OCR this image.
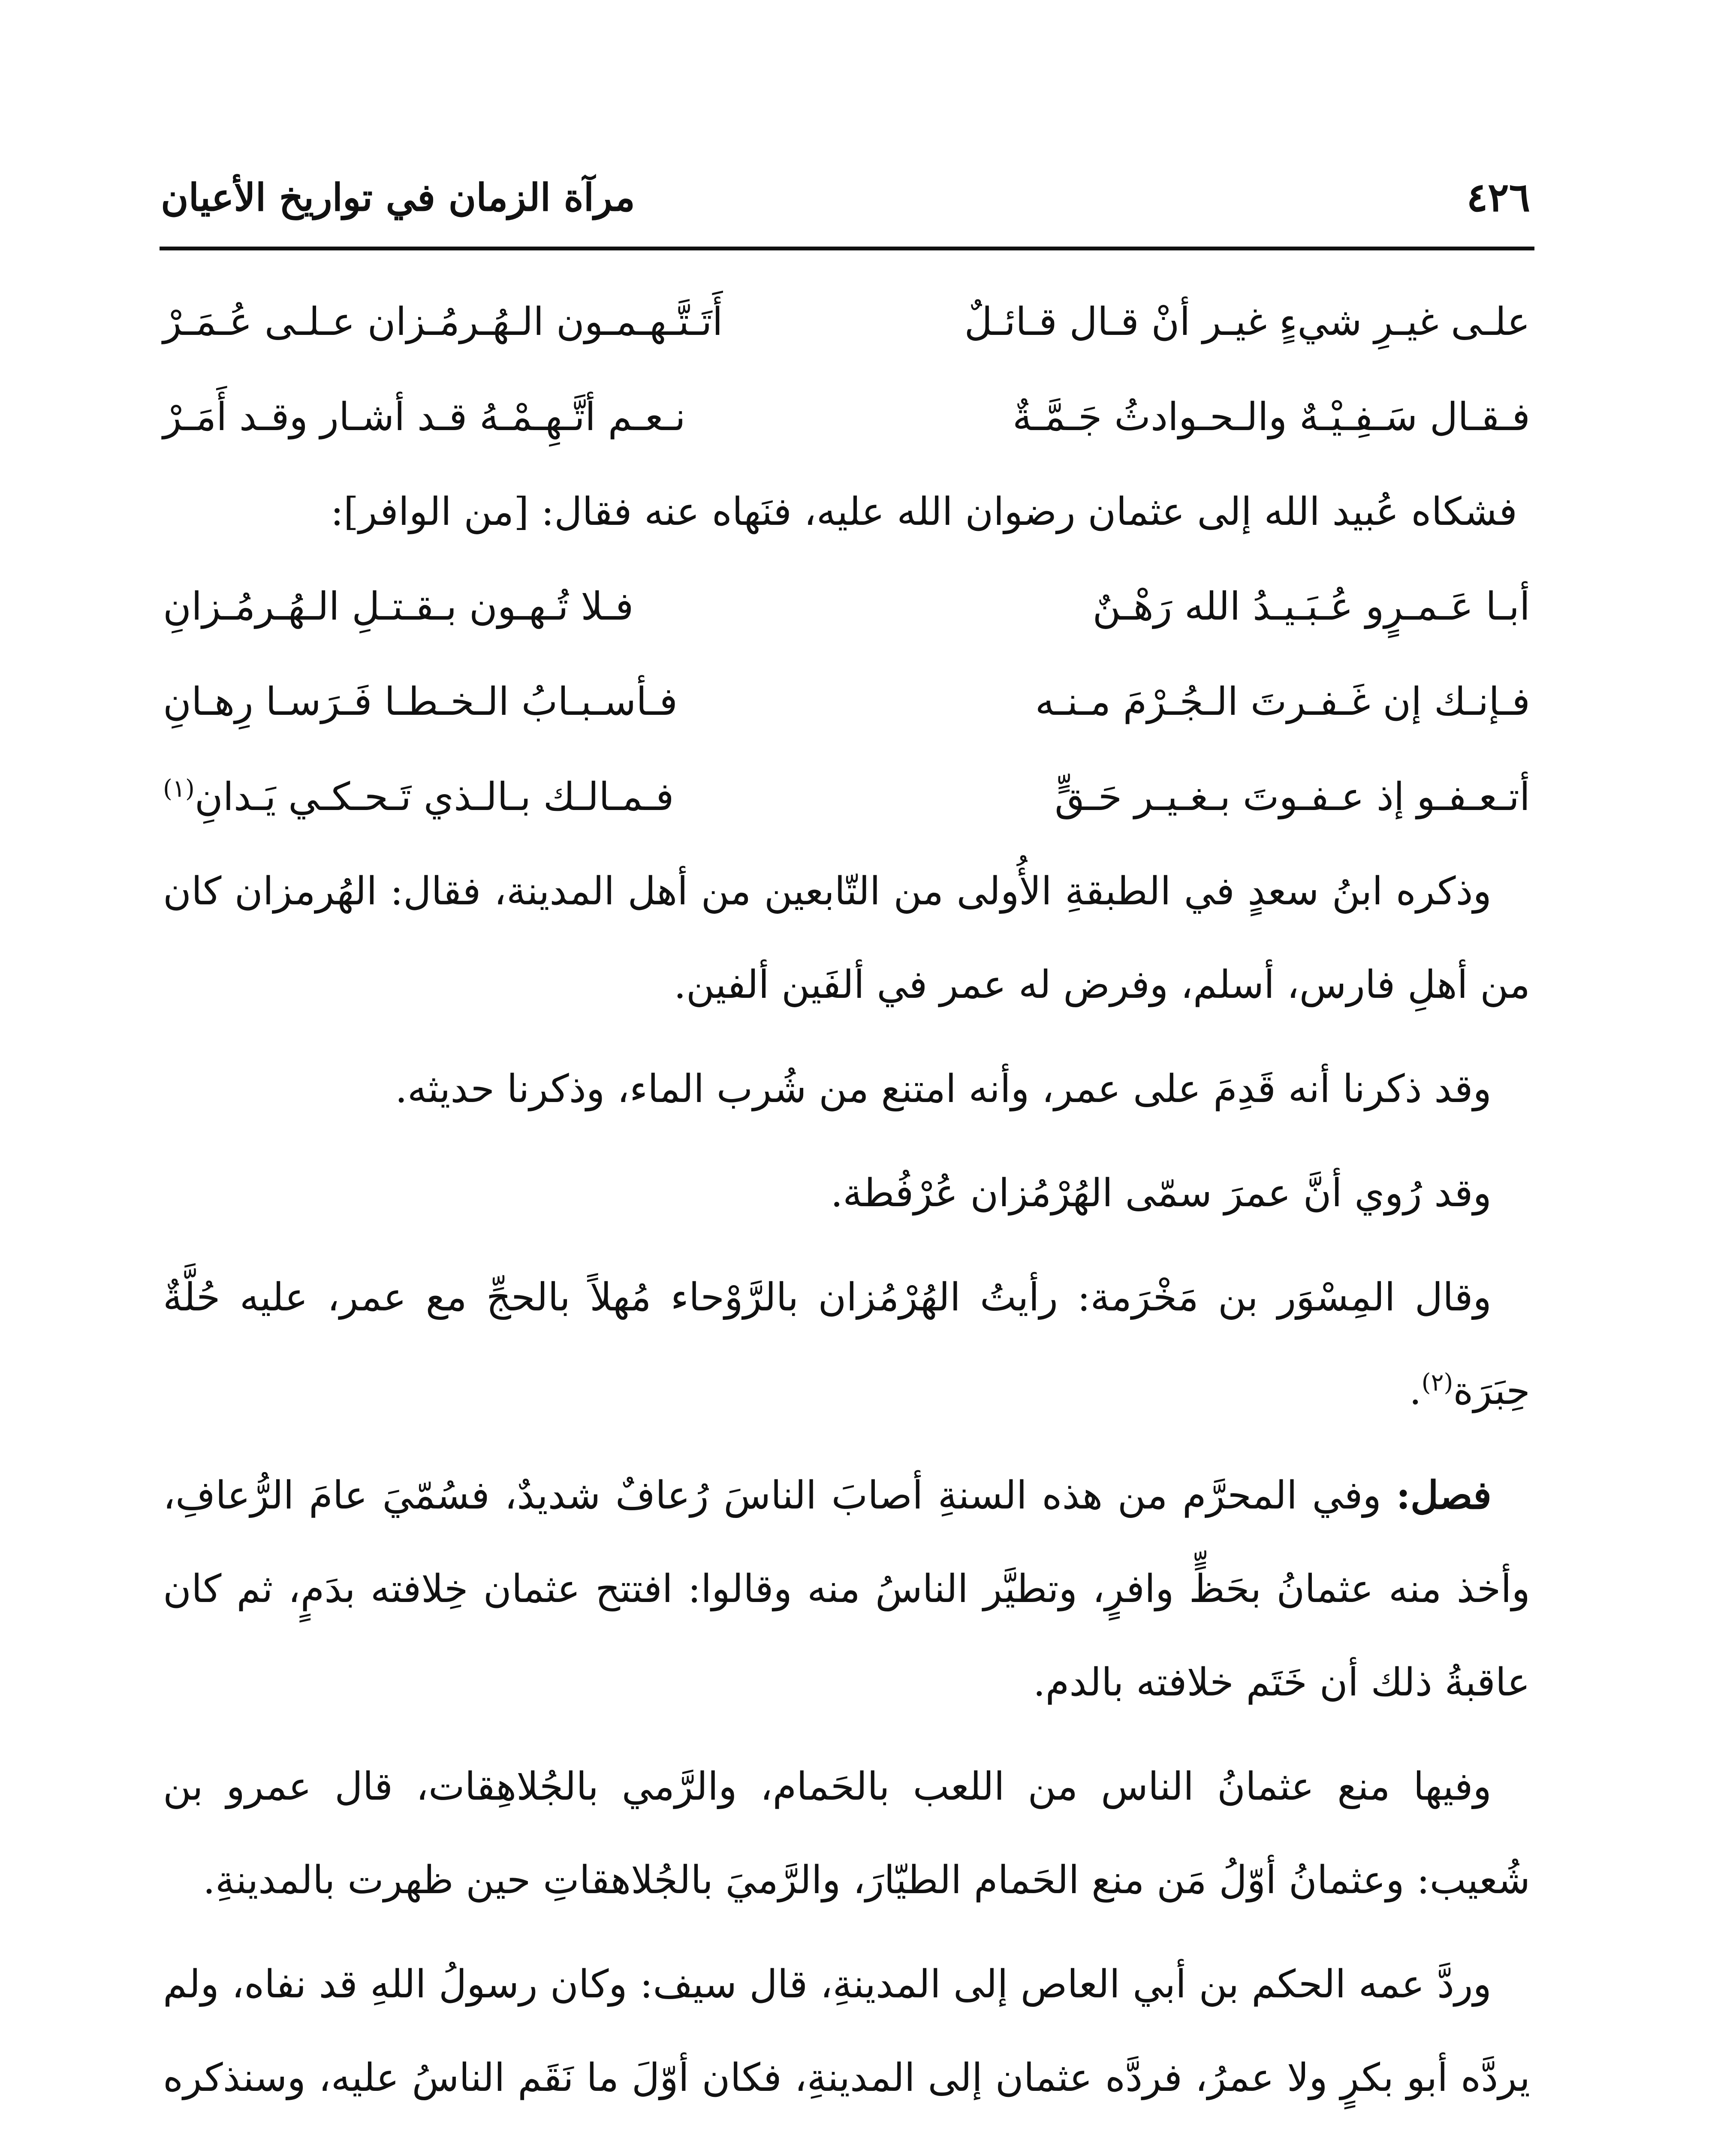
٤٢٦
مرآة الزمان في تواريخ الأعيان
علـى غيـرِ شيءٍ غيـر أنْ قـال قـائـلٌ
أَتَـتَّـهـمـون الـهُـرمُـزان عـلـى عُـمَـرْ
فـقـال سَـفِـيْـهٌ والـحـوادثُ جَـمَّـةٌ
نـعـم أتَّـهِـمْـهُ قـد أشـار وقـد أَمَـرْ
فشكاه عُبيد الله إلى عثمان رضوان الله عليه، فنَهاه عنه فقال: [من الوافر]:
أبـا عَـمـرٍو عُـبَـيـدُ الله رَهْـنٌ
فـلا تُـهـون بـقـتـلِ الـهُـرمُـزانِ
فـإنـك إن غَـفـرتَ الـجُـرْمَ مـنـه
فـأسـبـابُ الـخـطـا فَـرَسـا رِهـانِ
أتـعـفـو إذ عـفـوتَ بـغـيـر حَـقٍّ
فـمـالـك بـالـذي تَـحـكـي يَـدانِ$^{(١)}$

وذكره ابنُ سعدٍ في الطبقةِ الأُولى من التّابعين من أهل المدينة، فقال: الهُرمزان كان من أهلِ فارس، أسلم، وفرض له عمر في ألفَين ألفين.

وقد ذكرنا أنه قَدِمَ على عمر، وأنه امتنع من شُرب الماء، وذكرنا حديثه.

وقد رُوي أنَّ عمرَ سمّى الهُرْمُزان عُرْفُطة.

وقال المِسْوَر بن مَخْرَمة: رأيتُ الهُرْمُزان بالرَّوْحاء مُهلاً بالحجِّ مع عمر، عليه حُلَّةٌ حِبَرَة$^{(٢)}$.

فصل: وفي المحرَّم من هذه السنةِ أصابَ الناسَ رُعافٌ شديدٌ، فسُمّيَ عامَ الرُّعافِ، وأخذ منه عثمانُ بحَظٍّ وافرٍ، وتطيَّر الناسُ منه وقالوا: افتتح عثمان خِلافته بدَمٍ، ثم كان عاقبةُ ذلك أن خَتَم خلافته بالدم.

وفيها منع عثمانُ الناس من اللعب بالحَمام، والرَّمي بالجُلاهِقات، قال عمرو بن شُعيب: وعثمانُ أوّلُ مَن منع الحَمام الطيّارَ، والرَّميَ بالجُلاهقاتِ حين ظهرت بالمدينةِ.

وردَّ عمه الحكم بن أبي العاص إلى المدينةِ، قال سيف: وكان رسولُ اللهِ قد نفاه، ولم يردَّه أبو بكرٍ ولا عمرُ، فردَّه عثمان إلى المدينةِ، فكان أوّلَ ما نَقَم الناسُ عليه، وسنذكره
